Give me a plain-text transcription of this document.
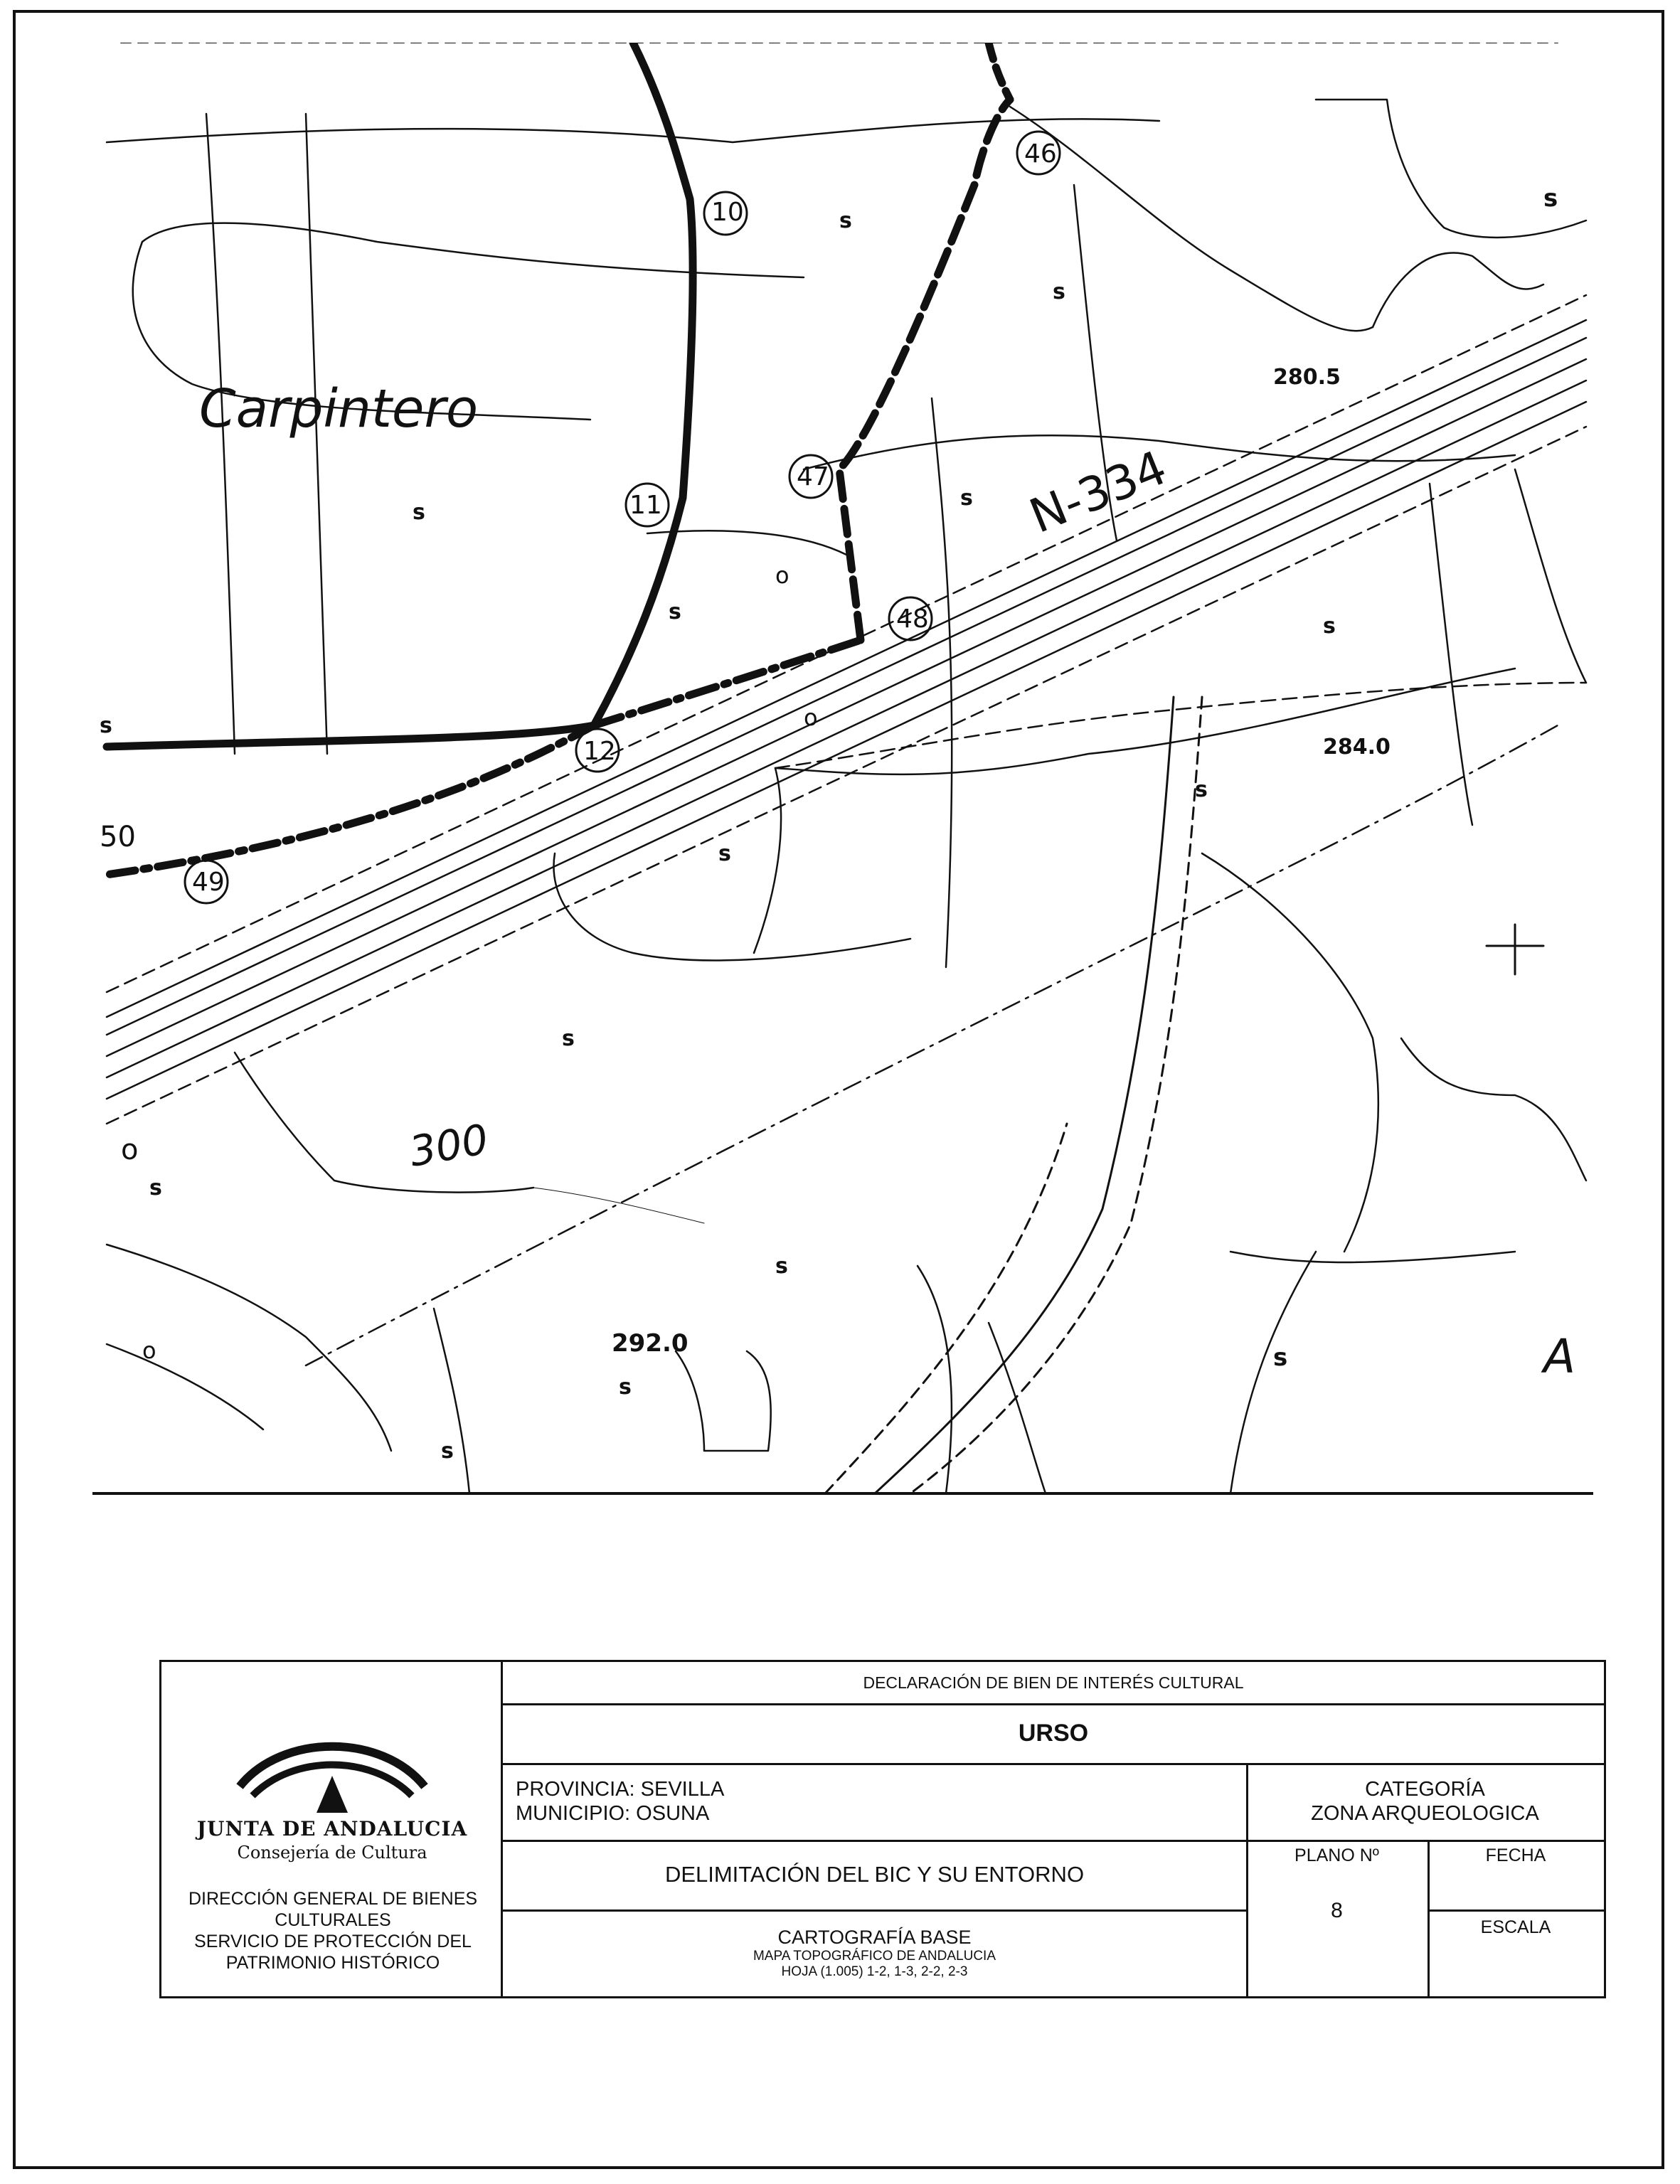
Carpintero
N-334
300
280.5
284.0
292.0
10
11
12
46
47
48
49
50
s
s
s
s
s
s
s
s
s
s
s
s
s
s
s
s
o
o
o
o	A
JUNTA DE ANDALUCIA
Consejería de Cultura
DIRECCIÓN GENERAL DE BIENES
CULTURALES
SERVICIO DE PROTECCIÓN DEL
PATRIMONIO HISTÓRICO
DECLARACIÓN DE BIEN DE INTERÉS CULTURAL
URSO
PROVINCIA: SEVILLA
MUNICIPIO: OSUNA
CATEGORÍA
ZONA ARQUEOLOGICA
DELIMITACIÓN DEL BIC Y SU ENTORNO
PLANO Nº
8
FECHA
ESCALA
CARTOGRAFÍA BASE
MAPA TOPOGRÁFICO DE ANDALUCIA
HOJA (1.005) 1-2, 1-3, 2-2, 2-3
